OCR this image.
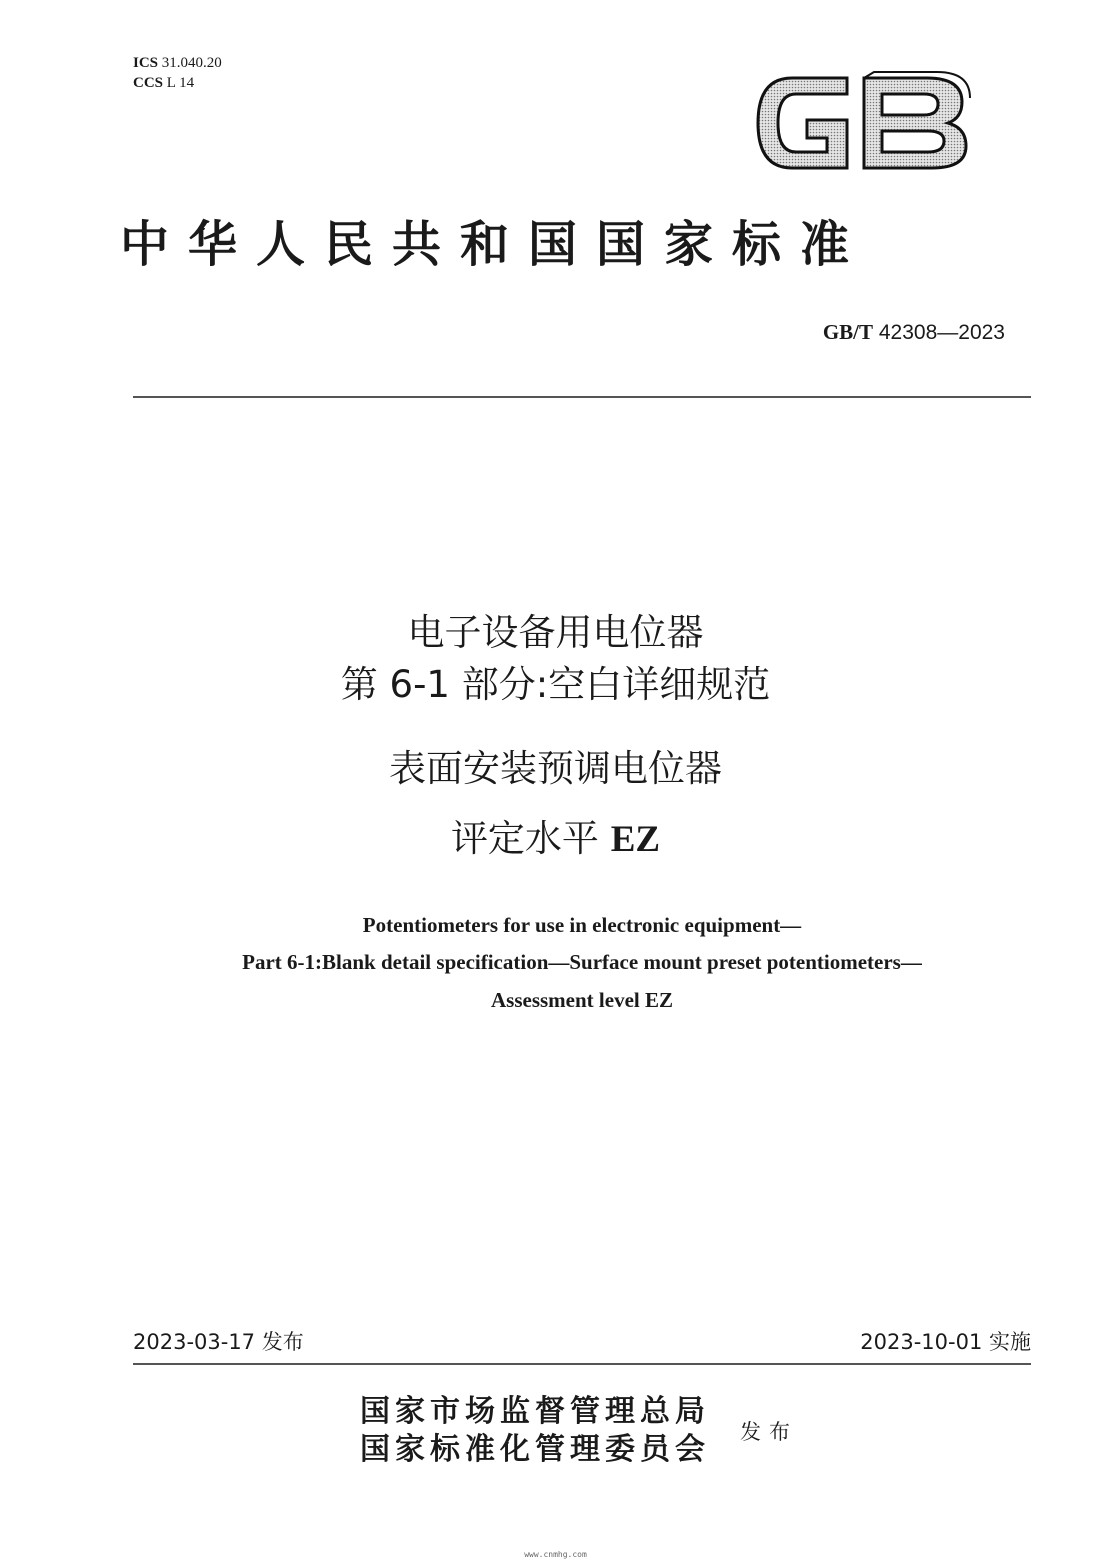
ICS 31.040.20
CCS L 14
中华人民共和国国家标准
GB/T 42308—2023
电子设备用电位器
第 6-1 部分:空白详细规范
表面安装预调电位器
评定水平 EZ
Potentiometers for use in electronic equipment—
Part 6-1:Blank detail specification—Surface mount preset potentiometers—
Assessment level EZ
2023-03-17 发布	2023-10-01 实施
国家市场监督管理总局
国家标准化管理委员会 发布
www.cnmhg.com
